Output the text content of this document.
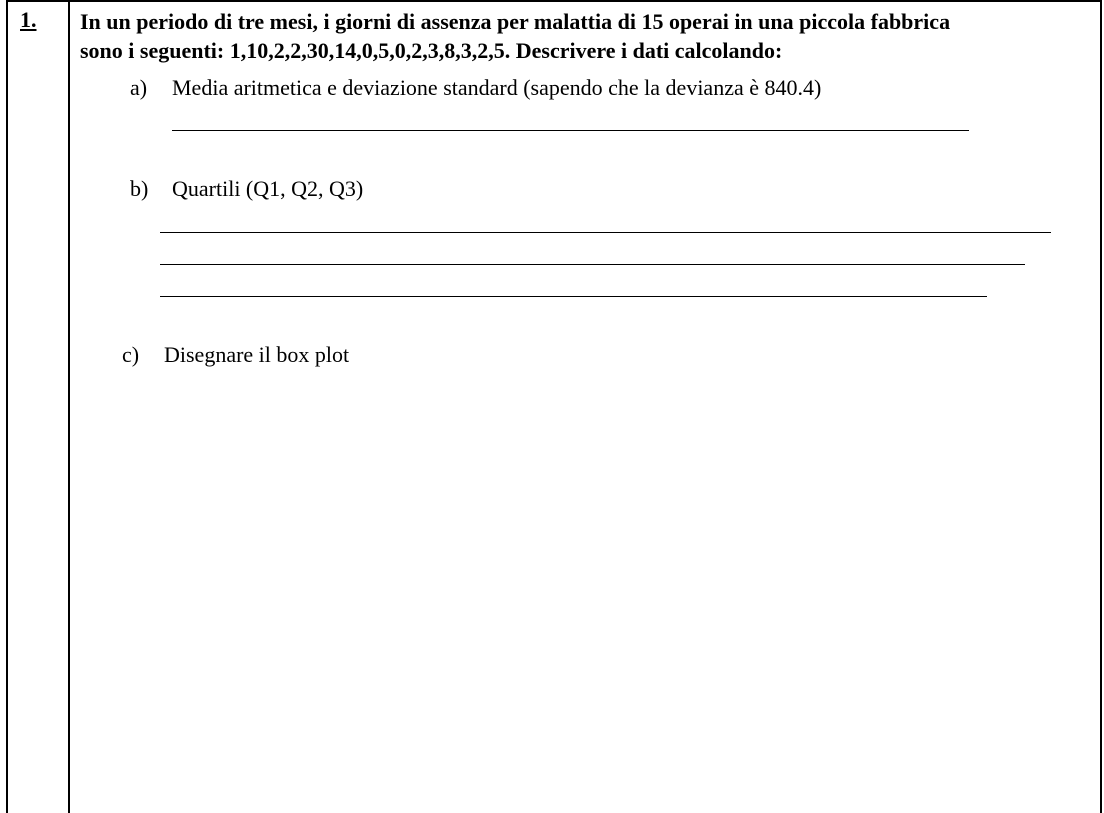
1. In un periodo di tre mesi, i giorni di assenza per malattia di 15 operai in una piccola fabbrica
sono i seguenti: 1,10,2,2,30,14,0,5,0,2,3,8,3,2,5. Descrivere i dati calcolando:
a) Media aritmetica e deviazione standard (sapendo che la devianza è 840.4)
b) Quartili (Q1, Q2, Q3)
c) Disegnare il box plot
